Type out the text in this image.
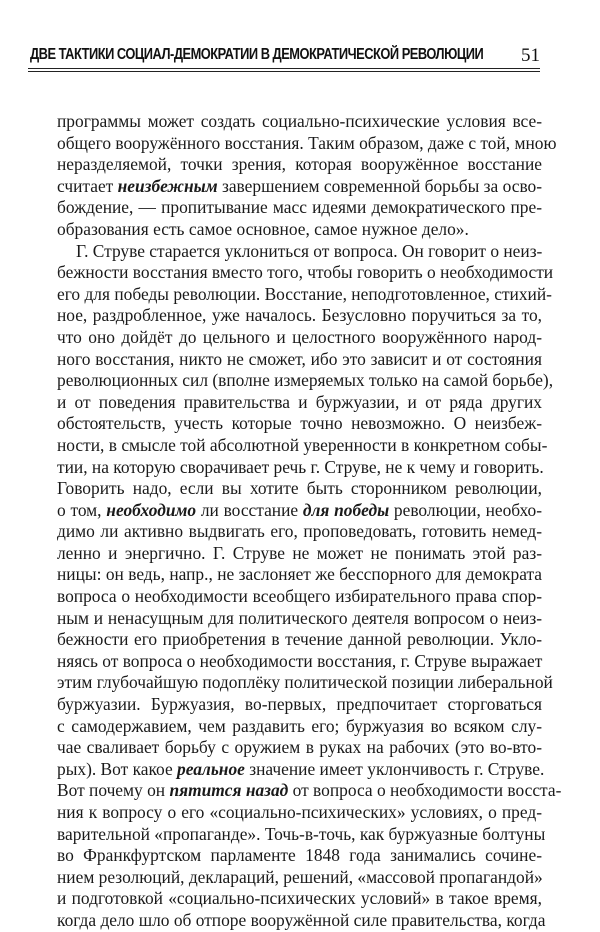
ДВЕ ТАКТИКИ СОЦИАЛ-ДЕМОКРАТИИ В ДЕМОКРАТИЧЕСКОЙ РЕВОЛЮЦИИ 51
программы может создать социально-психические условия все-
общего вооружённого восстания. Таким образом, даже с той, мною
неразделяемой, точки зрения, которая вооружённое восстание
считает неизбежным завершением современной борьбы за осво-
бождение, — пропитывание масс идеями демократического пре-
образования есть самое основное, самое нужное дело».
Г. Струве старается уклониться от вопроса. Он говорит о неиз-
бежности восстания вместо того, чтобы говорить о необходимости
его для победы революции. Восстание, неподготовленное, стихий-
ное, раздробленное, уже началось. Безусловно поручиться за то,
что оно дойдёт до цельного и целостного вооружённого народ-
ного восстания, никто не сможет, ибо это зависит и от состояния
революционных сил (вполне измеряемых только на самой борьбе),
и от поведения правительства и буржуазии, и от ряда других
обстоятельств, учесть которые точно невозможно. О неизбеж-
ности, в смысле той абсолютной уверенности в конкретном собы-
тии, на которую сворачивает речь г. Струве, не к чему и говорить.
Говорить надо, если вы хотите быть сторонником революции,
о том, необходимо ли восстание для победы революции, необхо-
димо ли активно выдвигать его, проповедовать, готовить немед-
ленно и энергично. Г. Струве не может не понимать этой раз-
ницы: он ведь, напр., не заслоняет же бесспорного для демократа
вопроса о необходимости всеобщего избирательного права спор-
ным и ненасущным для политического деятеля вопросом о неиз-
бежности его приобретения в течение данной революции. Укло-
няясь от вопроса о необходимости восстания, г. Струве выражает
этим глубочайшую подоплёку политической позиции либеральной
буржуазии. Буржуазия, во-первых, предпочитает сторговаться
с самодержавием, чем раздавить его; буржуазия во всяком слу-
чае сваливает борьбу с оружием в руках на рабочих (это во-вто-
рых). Вот какое реальное значение имеет уклончивость г. Струве.
Вот почему он пятится назад от вопроса о необходимости восста-
ния к вопросу о его «социально-психических» условиях, о пред-
варительной «пропаганде». Точь-в-точь, как буржуазные болтуны
во Франкфуртском парламенте 1848 года занимались сочине-
нием резолюций, деклараций, решений, «массовой пропагандой»
и подготовкой «социально-психических условий» в такое время,
когда дело шло об отпоре вооружённой силе правительства, когда
